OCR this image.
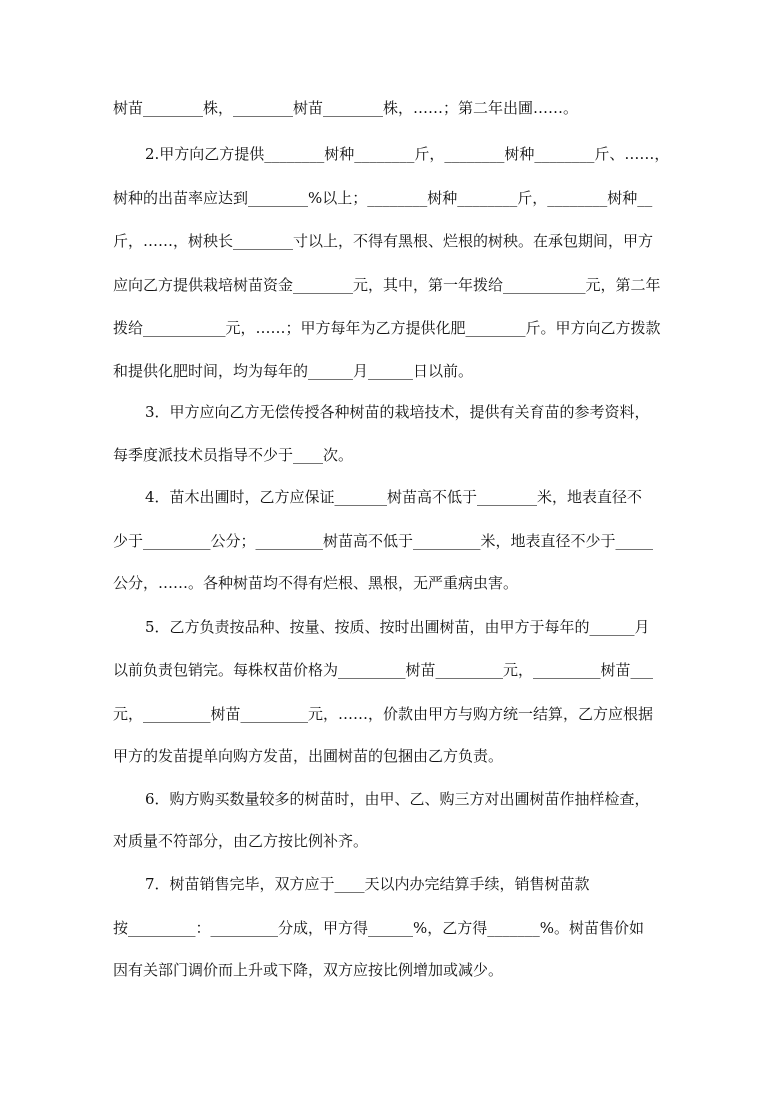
树苗________株，________树苗________株，……；第二年出圃……。
2.甲方向乙方提供________树种________斤，________树种________斤、……，
树种的出苗率应达到________%以上；________树种________斤，________树种__
斤，……，树秧长________寸以上，不得有黑根、烂根的树秧。在承包期间，甲方
应向乙方提供栽培树苗资金________元，其中，第一年拨给___________元，第二年
拨给___________元，……；甲方每年为乙方提供化肥________斤。甲方向乙方拨款
和提供化肥时间，均为每年的______月______日以前。
3．甲方应向乙方无偿传授各种树苗的栽培技术，提供有关育苗的参考资料，
每季度派技术员指导不少于____次。
4．苗木出圃时，乙方应保证_______树苗高不低于________米，地表直径不
少于_________公分；_________树苗高不低于_________米，地表直径不少于_____
公分，……。各种树苗均不得有烂根、黑根，无严重病虫害。
5．乙方负责按品种、按量、按质、按时出圃树苗，由甲方于每年的______月
以前负责包销完。每株权苗价格为_________树苗_________元，_________树苗___
元，_________树苗_________元，……，价款由甲方与购方统一结算，乙方应根据
甲方的发苗提单向购方发苗，出圃树苗的包捆由乙方负责。
6．购方购买数量较多的树苗时，由甲、乙、购三方对出圃树苗作抽样检查，
对质量不符部分，由乙方按比例补齐。
7．树苗销售完毕，双方应于____天以内办完结算手续，销售树苗款
按_________：_________分成，甲方得______%，乙方得_______%。树苗售价如
因有关部门调价而上升或下降，双方应按比例增加或减少。
